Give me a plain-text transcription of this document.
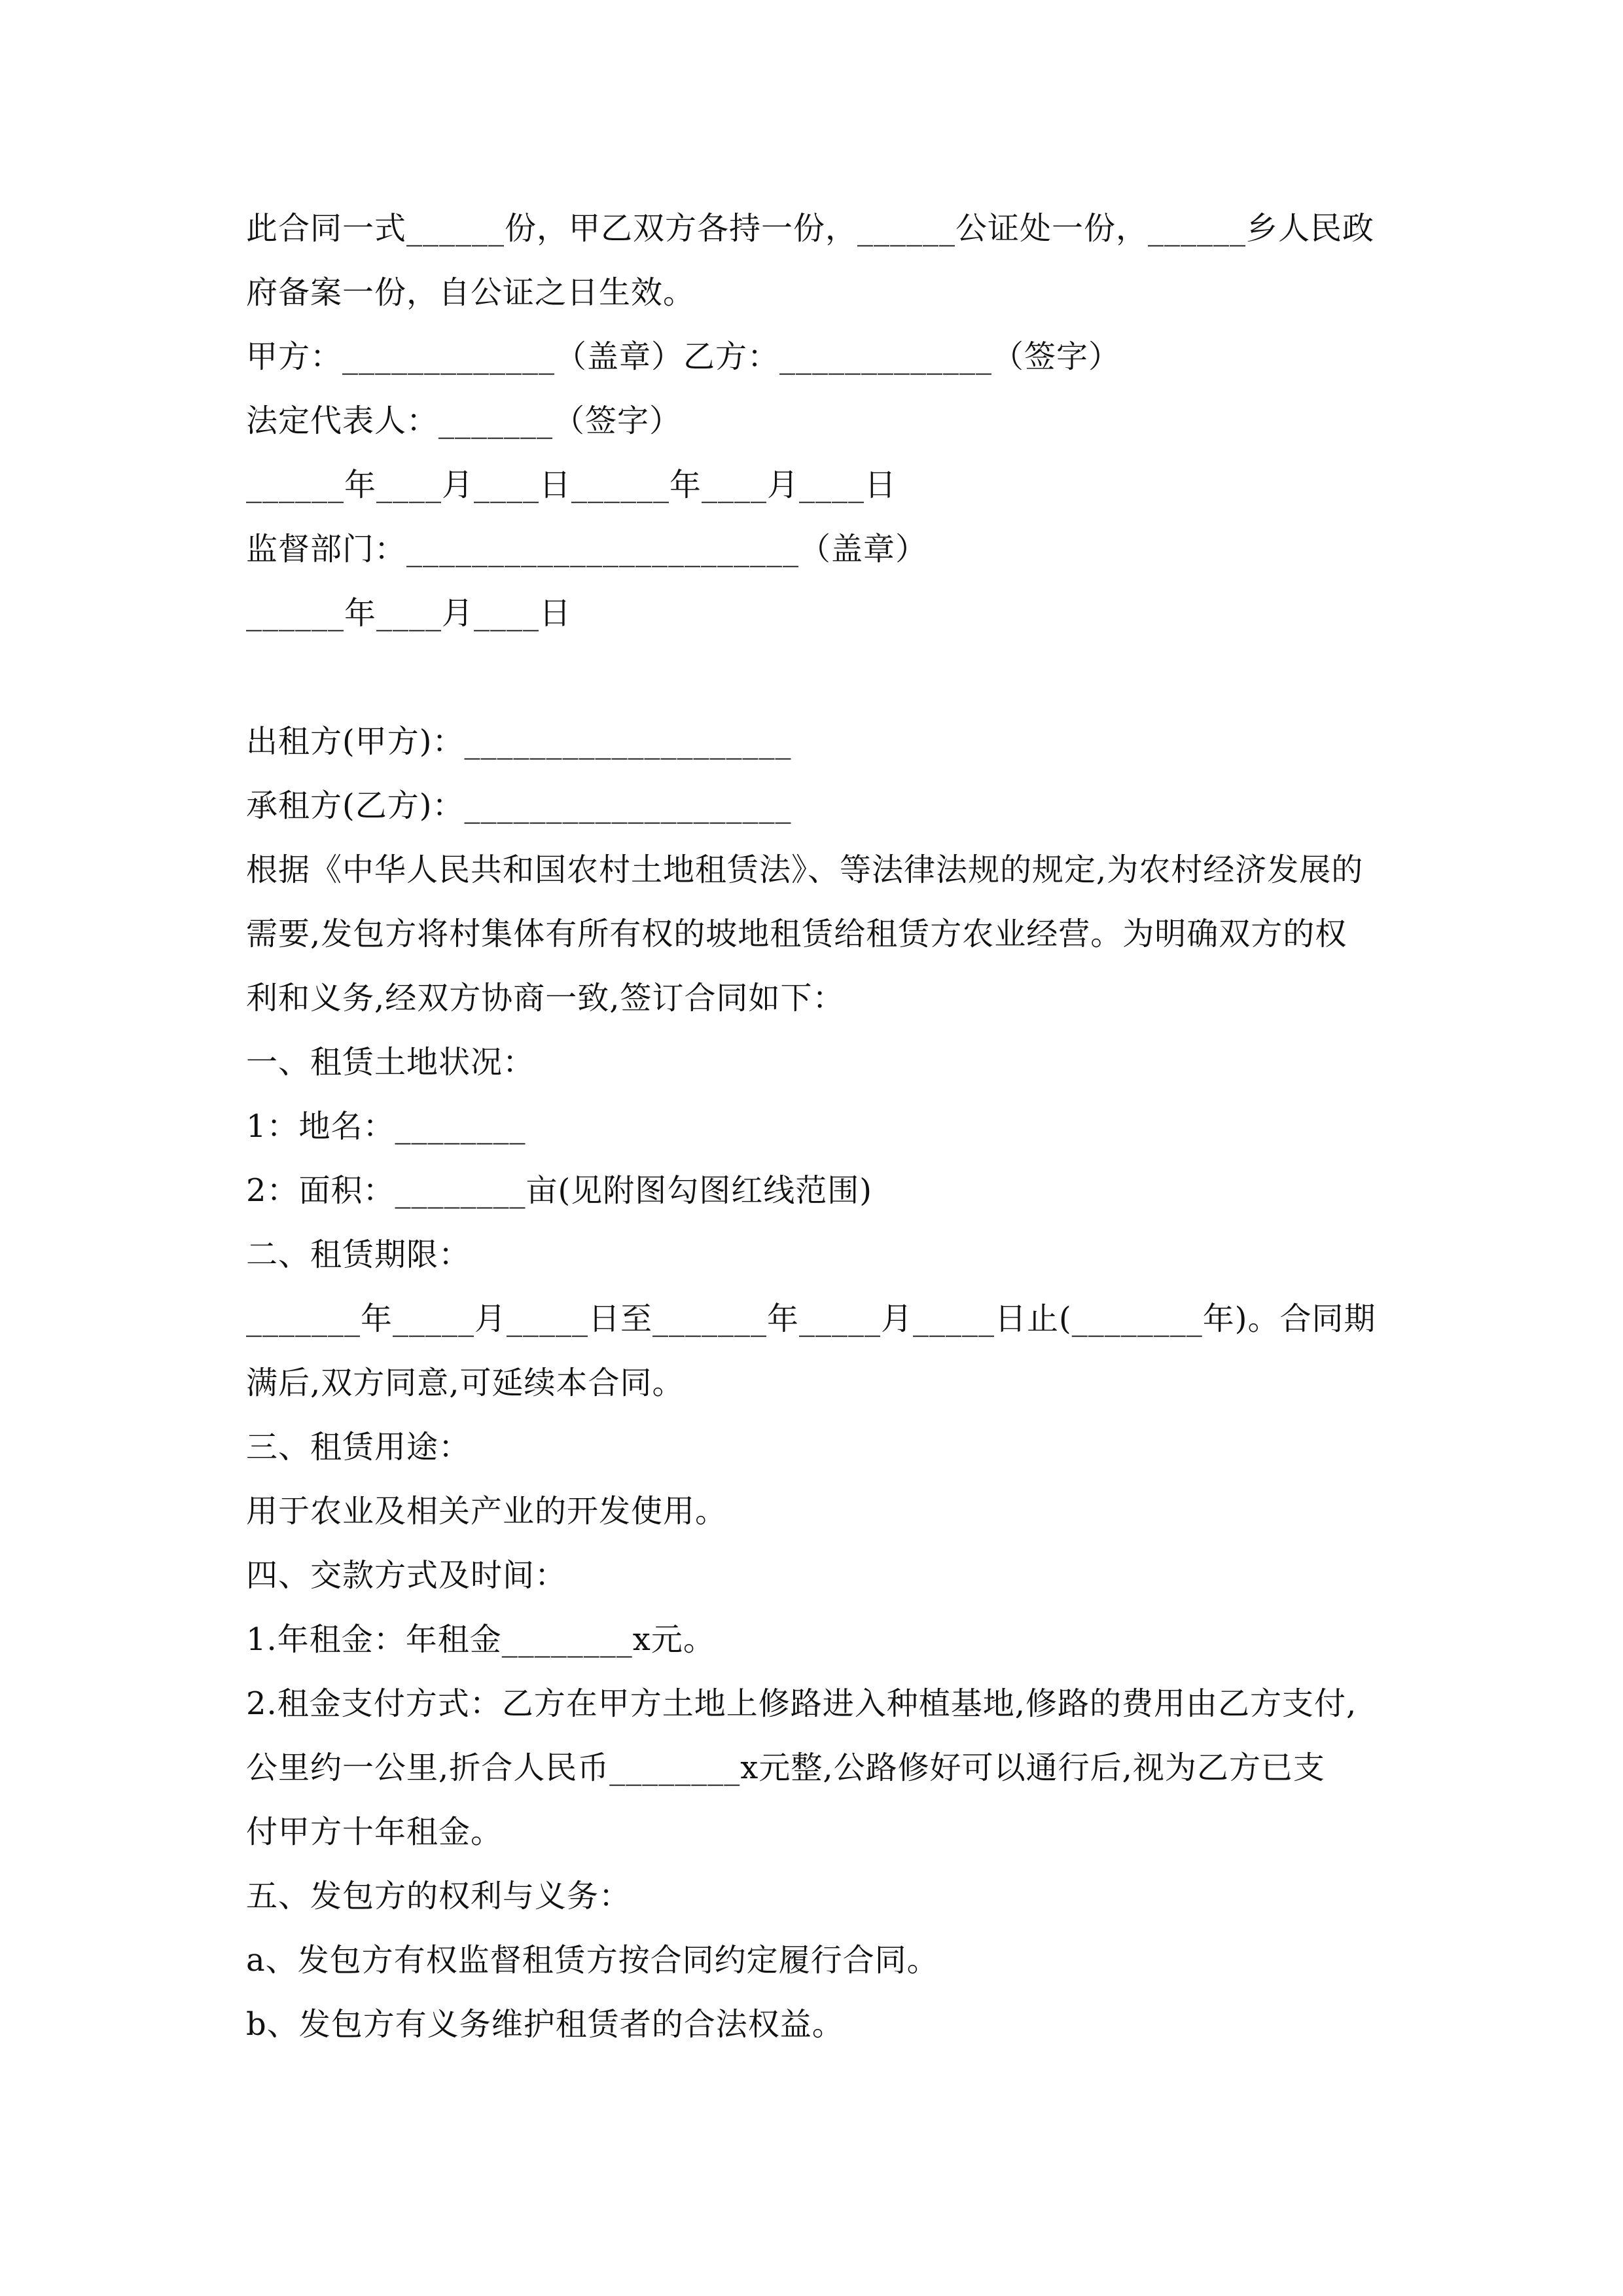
此合同一式______份，甲乙双方各持一份，______公证处一份，______乡人民政
府备案一份，自公证之日生效。
甲方：_____________（盖章）乙方：_____________（签字）
法定代表人：_______（签字）
______年____月____日______年____月____日
监督部门：________________________（盖章）
______年____月____日
出租方(甲方)：____________________
承租方(乙方)：____________________
根据《中华人民共和国农村土地租赁法》、等法律法规的规定,为农村经济发展的
需要,发包方将村集体有所有权的坡地租赁给租赁方农业经营。为明确双方的权
利和义务,经双方协商一致,签订合同如下：
一、租赁土地状况：
1：地名：________
2：面积：________亩(见附图勾图红线范围)
二、租赁期限：
_______年_____月_____日至_______年_____月_____日止(________年)。合同期
满后,双方同意,可延续本合同。
三、租赁用途：
用于农业及相关产业的开发使用。
四、交款方式及时间：
1.年租金：年租金________x元。
2.租金支付方式：乙方在甲方土地上修路进入种植基地,修路的费用由乙方支付,
公里约一公里,折合人民币________x元整,公路修好可以通行后,视为乙方已支
付甲方十年租金。
五、发包方的权利与义务：
a、发包方有权监督租赁方按合同约定履行合同。
b、发包方有义务维护租赁者的合法权益。
